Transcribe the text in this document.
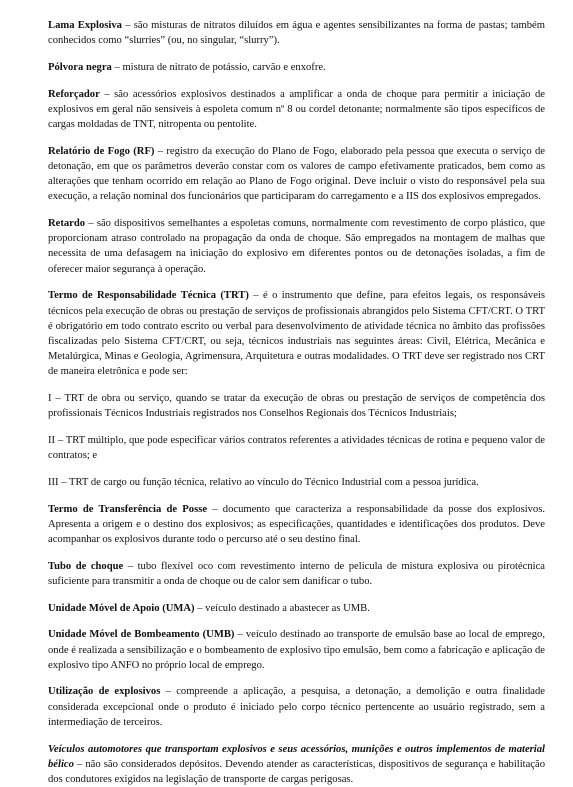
Lama Explosiva – são misturas de nitratos diluídos em água e agentes sensibilizantes na forma de pastas; também conhecidos como “slurries” (ou, no singular, “slurry”).

Pólvora negra – mistura de nitrato de potássio, carvão e enxofre.

Reforçador – são acessórios explosivos destinados a amplificar a onda de choque para permitir a iniciação de explosivos em geral não sensíveis à espoleta comum nº 8 ou cordel detonante; normalmente são tipos específicos de cargas moldadas de TNT, nitropenta ou pentolite.

Relatório de Fogo (RF) – registro da execução do Plano de Fogo, elaborado pela pessoa que executa o serviço de detonação, em que os parâmetros deverão constar com os valores de campo efetivamente praticados, bem como as alterações que tenham ocorrido em relação ao Plano de Fogo original. Deve incluir o visto do responsável pela sua execução, a relação nominal dos funcionários que participaram do carregamento e a IIS dos explosivos empregados.

Retardo – são dispositivos semelhantes a espoletas comuns, normalmente com revestimento de corpo plástico, que proporcionam atraso controlado na propagação da onda de choque. São empregados na montagem de malhas que necessita de uma defasagem na iniciação do explosivo em diferentes pontos ou de detonações isoladas, a fim de oferecer maior segurança à operação.

Termo de Responsabilidade Técnica (TRT) – é o instrumento que define, para efeitos legais, os responsáveis técnicos pela execução de obras ou prestação de serviços de profissionais abrangidos pelo Sistema CFT/CRT. O TRT é obrigatório em todo contrato escrito ou verbal para desenvolvimento de atividade técnica no âmbito das profissões fiscalizadas pelo Sistema CFT/CRT, ou seja, técnicos industriais nas seguintes áreas: Civil, Elétrica, Mecânica e Metalúrgica, Minas e Geologia, Agrimensura, Arquitetura e outras modalidades. O TRT deve ser registrado nos CRT de maneira eletrônica e pode ser:

I – TRT de obra ou serviço, quando se tratar da execução de obras ou prestação de serviços de competência dos profissionais Técnicos Industriais registrados nos Conselhos Regionais dos Técnicos Industriais;

II – TRT múltiplo, que pode especificar vários contratos referentes a atividades técnicas de rotina e pequeno valor de contratos; e

III – TRT de cargo ou função técnica, relativo ao vínculo do Técnico Industrial com a pessoa jurídica.

Termo de Transferência de Posse – documento que caracteriza a responsabilidade da posse dos explosivos. Apresenta a origem e o destino dos explosivos; as especificações, quantidades e identificações dos produtos. Deve acompanhar os explosivos durante todo o percurso até o seu destino final.

Tubo de choque – tubo flexível oco com revestimento interno de película de mistura explosiva ou pirotécnica suficiente para transmitir a onda de choque ou de calor sem danificar o tubo.

Unidade Móvel de Apoio (UMA) – veículo destinado a abastecer as UMB.

Unidade Móvel de Bombeamento (UMB) – veículo destinado ao transporte de emulsão base ao local de emprego, onde é realizada a sensibilização e o bombeamento de explosivo tipo emulsão, bem como a fabricação e aplicação de explosivo tipo ANFO no próprio local de emprego.

Utilização de explosivos – compreende a aplicação, a pesquisa, a detonação, a demolição e outra finalidade considerada excepcional onde o produto é iniciado pelo corpo técnico pertencente ao usuário registrado, sem a intermediação de terceiros.

Veículos automotores que transportam explosivos e seus acessórios, munições e outros implementos de material bélico – não são considerados depósitos. Devendo atender as características, dispositivos de segurança e habilitação dos condutores exigidos na legislação de transporte de cargas perigosas.
